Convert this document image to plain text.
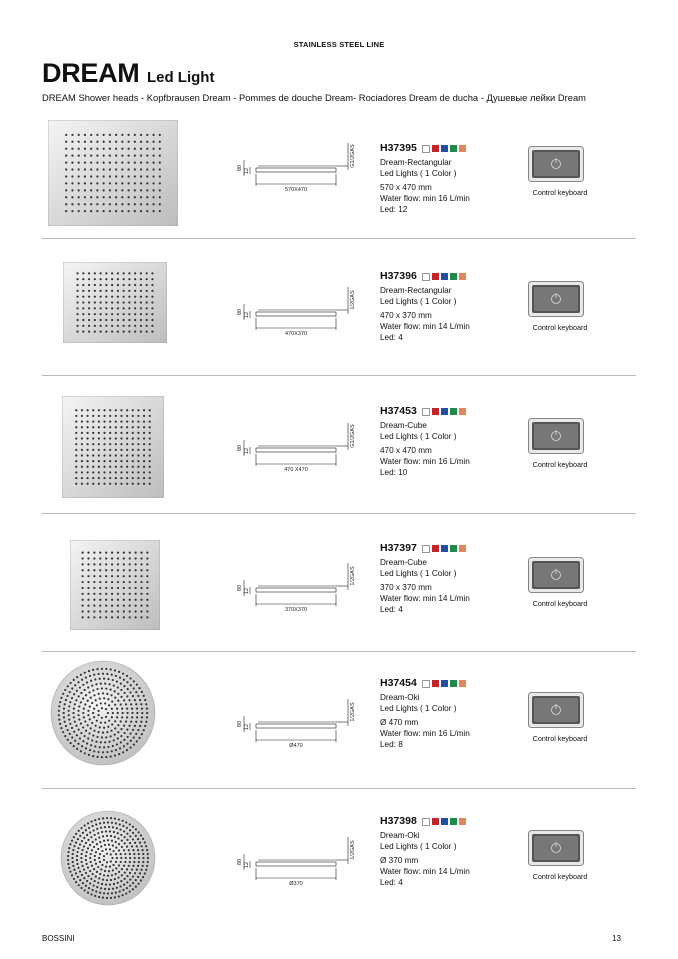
STAINLESS STEEL LINE
DREAM Led Light
DREAM Shower heads - Kopfbrausen Dream - Pommes de douche Dream- Rociadores Dream de ducha - Душевые лейки Dream
570X470
80 12
G1/2GAS H37395
Dream-Rectangular
Led Lights ( 1 Color )
570 x 470 mm
Water flow: min 16 L/min
Led: 12
Control keyboard
470X370
80 12
1/2GAS
H37396
Dream-Rectangular
Led Lights ( 1 Color )
470 x 370 mm
Water flow: min 14 L/min
Led: 4
Control keyboard
470 X470
80 12
G1/2GAS
H37453
Dream-Cube
Led Lights ( 1 Color )
470 x 470 mm
Water flow: min 16 L/min
Led: 10
Control keyboard
370X370
80 12
1/2GAS
H37397
Dream-Cube
Led Lights ( 1 Color )
370 x 370 mm
Water flow: min 14 L/min
Led: 4
Control keyboard
Ø470
80 12
1/2GAS
H37454
Dream-Oki
Led Lights ( 1 Color )
Ø 470 mm
Water flow: min 16 L/min
Led: 8
Control keyboard
Ø370
80 12
1/2GAS
H37398
Dream-Oki
Led Lights ( 1 Color )
Ø 370 mm
Water flow: min 14 L/min
Led: 4
Control keyboard
BOSSINI	13
